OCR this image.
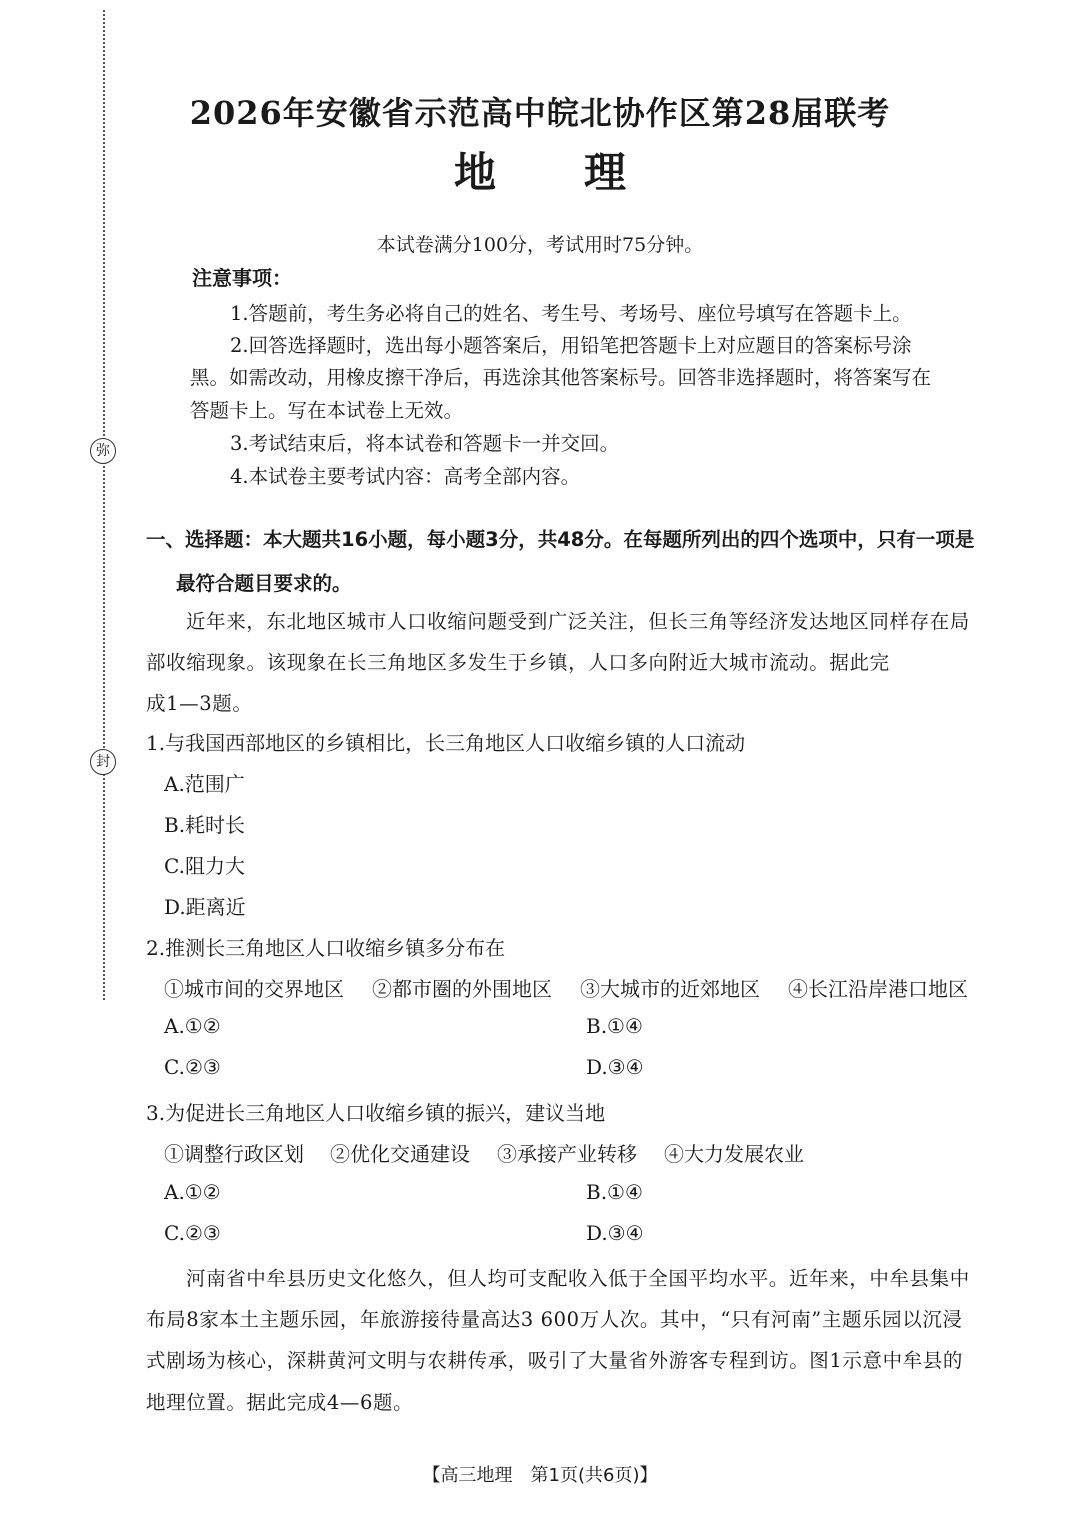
弥
封
2026年安徽省示范高中皖北协作区第28届联考
地 理
本试卷满分100分，考试用时75分钟。
注意事项：
1.答题前，考生务必将自己的姓名、考生号、考场号、座位号填写在答题卡上。
2.回答选择题时，选出每小题答案后，用铅笔把答题卡上对应题目的答案标号涂
黑。如需改动，用橡皮擦干净后，再选涂其他答案标号。回答非选择题时，将答案写在
答题卡上。写在本试卷上无效。
3.考试结束后，将本试卷和答题卡一并交回。
4.本试卷主要考试内容：高考全部内容。
一、选择题：本大题共16小题，每小题3分，共48分。在每题所列出的四个选项中，只有一项是
最符合题目要求的。
近年来，东北地区城市人口收缩问题受到广泛关注，但长三角等经济发达地区同样存在局
部收缩现象。该现象在长三角地区多发生于乡镇，人口多向附近大城市流动。据此完
成1—3题。
1.与我国西部地区的乡镇相比，长三角地区人口收缩乡镇的人口流动
A.范围广
B.耗时长
C.阻力大
D.距离近
2.推测长三角地区人口收缩乡镇多分布在
①城市间的交界地区 ②都市圈的外围地区 ③大城市的近郊地区 ④长江沿岸港口地区
A.①②	B.①④
C.②③	D.③④
3.为促进长三角地区人口收缩乡镇的振兴，建议当地
①调整行政区划 ②优化交通建设 ③承接产业转移 ④大力发展农业
A.①②	B.①④
C.②③	D.③④
河南省中牟县历史文化悠久，但人均可支配收入低于全国平均水平。近年来，中牟县集中
布局8家本土主题乐园，年旅游接待量高达3 600万人次。其中，“只有河南”主题乐园以沉浸
式剧场为核心，深耕黄河文明与农耕传承，吸引了大量省外游客专程到访。图1示意中牟县的
地理位置。据此完成4—6题。
【高三地理　第1页(共6页)】
